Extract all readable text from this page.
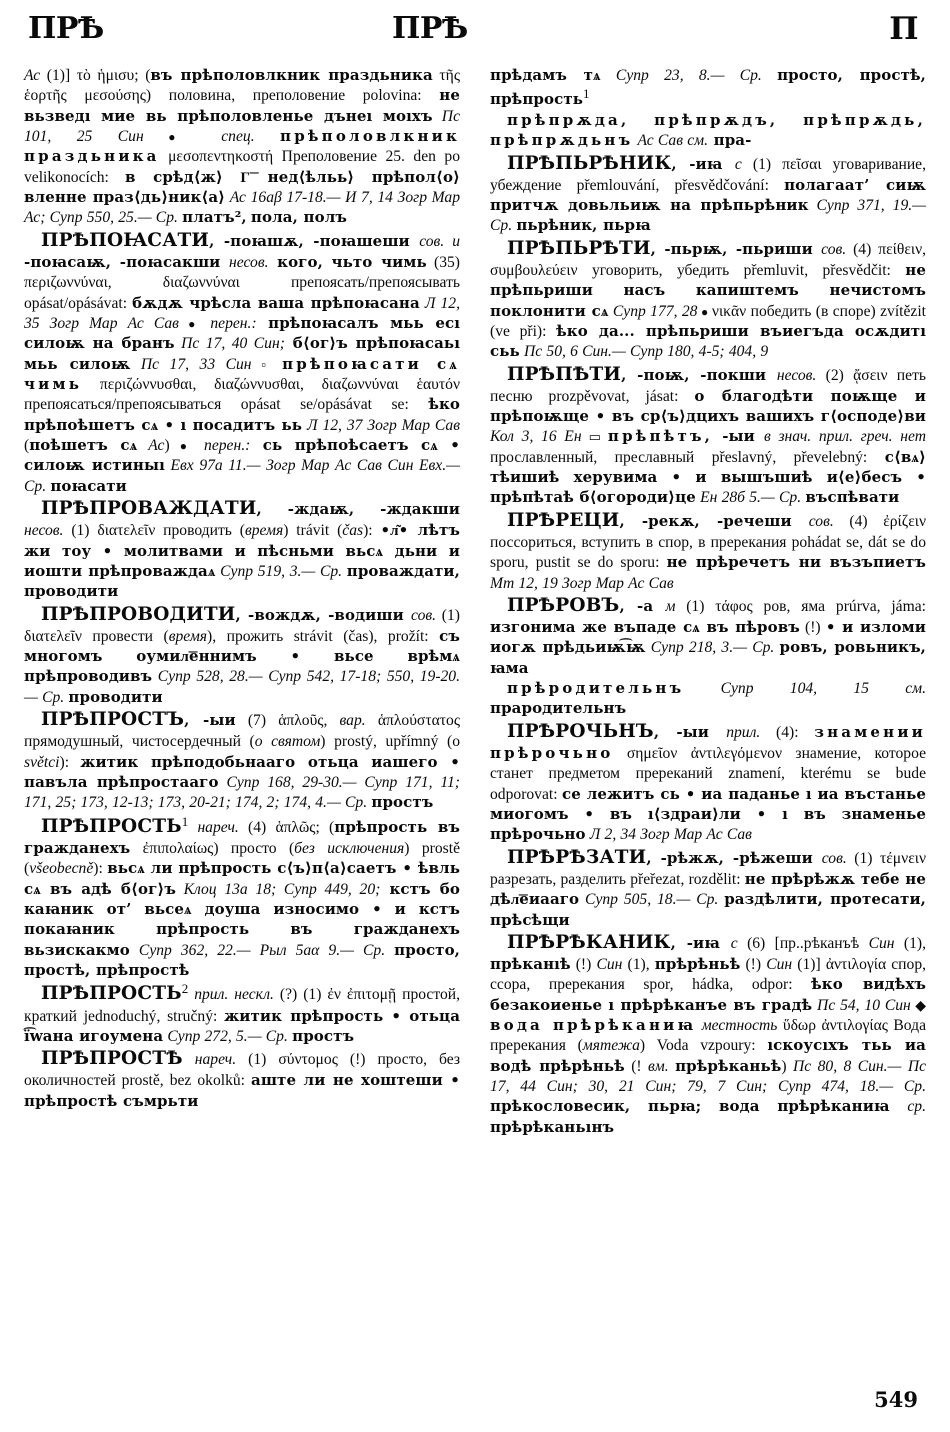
ПРѢ	ПРѢ	П

Ас (1)] τὸ ἡμισυ; (въ прѣполовлкник праздьника τῆς ἑορτῆς μεσούσης) половина, преполовение polovina: не вьзведı мие вь прѣполовленье дънеı моıхъ Пс 101, 25 Син ● спец. прѣполовлкник праздьника μεσοπεντηκοστή Преполовение 25. den po velikonocích: в срѣд⟨ж⟩ Г͞ нед⟨ѣльь⟩ прѣпол⟨о⟩вленне праз⟨дь⟩ник⟨а⟩ Ас 16аβ 17-18.— И 7, 14 Зогр Мар Ас; Супр 550, 25.— Ср. платъ², пола, полъ

ПРѢПОꙖСАТИ, -поꙗшѫ, -поꙗшеши сов. и -поꙗсаѭ, -поꙗсакши несов. кого, чьто чимь (35) περιζωννύναι, διαζωννύναι препоясать/препоясывать opásat/opásávat: бѫдѫ чрѣсла ваша прѣпоꙗсана Л 12, 35 Зогр Мар Ас Сав ● перен.: прѣпоꙗсалъ мьь есı силоѭ на бранъ Пс 17, 40 Син; б⟨ог⟩ъ прѣпоꙗсаьı мьь силоѭ Пс 17, 33 Син ▫ прѣпоꙗсати сѧ чимь περιζώννυσθαι, διαζώννυσθαι, διαζωννύναι ἑαυτόν препоясаться/препоясываться opásat se/opásávat se: ѣко прѣпоѣшетъ сѧ • ı посадитъ ьь Л 12, 37 Зогр Мар Сав (поѣшетъ сѧ Ас) ● перен.: сь прѣпоѣсаетъ сѧ • силоѭ истиныı Евх 97а 11.— Зогр Мар Ас Сав Син Евх.— Ср. поꙗсати

ПРѢПРОВАЖДАТИ, -ждаѭ, -ждакши несов. (1) διατελεῖν проводить (время) trávit (čas): •л͂• лѣтъ жи тоу • молитвами и пѣсньми вьсѧ дьни и иошти прѣпроваждаѧ Супр 519, 3.— Ср. проваждати, проводити

ПРѢПРОВОДИТИ, -вождѫ, -водиши сов. (1) διατελεῖν провести (время), прожить strávit (čas), prožít: съ многомъ оумил͞еннимъ • вьсе врѣмѧ прѣпроводивъ Супр 528, 28.— Супр 542, 17-18; 550, 19-20.— Ср. проводити

ПРѢПРОСТЪ, -ыи (7) ἁπλοῦς, вар. ἁπλούστατος прямодушный, чистосердечный (о святом) prostý, upřímný (o světci): житик прѣподобьнааго отьца иашего • павъла прѣпростааго Супр 168, 29-30.— Супр 171, 11; 171, 25; 173, 12-13; 173, 20-21; 174, 2; 174, 4.— Ср. простъ

ПРѢПРОСТЬ$^1$ нареч. (4) ἁπλῶς; (прѣпрость въ гражданехъ ἐπιπολαίως) просто (без исключения) prostě (všeobecně): вьсѧ ли прѣпрость с⟨ъ⟩п⟨а⟩саетъ • ѣвль сѧ въ адѣ б⟨ог⟩ъ Клоц 13а 18; Супр 449, 20; кстъ бо каꙗник от’ вьсеѧ доуша износимо • и кстъ покаꙗник прѣпрость въ гражданехъ вьзискакмо Супр 362, 22.— Рыл 5аα 9.— Ср. просто, простѣ, прѣпростѣ

ПРѢПРОСТЬ$^2$ прил. нескл. (?) (1) ἐν ἐπιτομῇ простой, краткий jednoduchý, stručný: житик прѣпрость • отьца ї͡wана игоумена Супр 272, 5.— Ср. простъ

ПРѢПРОСТѢ нареч. (1) σύντομος (!) просто, без околичностей prostě, bez okolků: аште ли не хоштеши • прѣпростѣ съмрьти

прѣдамъ тѧ Супр 23, 8.— Ср. просто, простѣ, прѣпрость$^1$

прѣпрѫда, прѣпрѫдъ, прѣпрѫдь, прѣпрѫдьнъ Ас Сав см. пра-

ПРѢПЬРѢНИК, -иꙗ с (1) πεῖσαι уговаривание, убеждение přemlouvání, přesvědčování: полагаат’ сиѭ притчѫ довьльиѭ на прѣпьрѣник Супр 371, 19.— Ср. пьрѣник, пьрꙗ

ПРѢПЬРѢТИ, -пьрѭ, -пьриши сов. (4) πείθειν, συμβουλεύειν уговорить, убедить přemluvit, přesvědčit: не прѣпьриши насъ капиштемъ нечистомъ поклонити сѧ Супр 177, 28 ● νικᾶν победить (в споре) zvítězit (ve při): ѣко да... прѣпьриши въиегъда осѫдитı сьь Пс 50, 6 Син.— Супр 180, 4-5; 404, 9

ПРѢПѢТИ, -поѭ, -покши несов. (2) ᾄσειν петь песню prozpěvovat, jásat: о благодѣти поѭще и прѣпоѭще • въ ср⟨ъ⟩дцихъ вашихъ г⟨осподе⟩ви Кол 3, 16 Ен ▭ прѣпѣтъ, -ыи в знач. прил. греч. нет прославленный, преславный přeslavný, převelebný: с⟨вѧ⟩тѣишиѣ херувима • и вышъшиѣ и⟨е⟩бесъ • прѣпѣтаѣ б⟨огороди⟩це Ен 28б 5.— Ср. въспѣвати

ПРѢРЕЦИ, -рекѫ, -речеши сов. (4) ἐρίζειν поссориться, вступить в спор, в пререкания pohádat se, dát se do sporu, pustit se do sporu: не прѣречетъ ни възъпиетъ Мт 12, 19 Зогр Мар Ас Сав

ПРѢРОВЪ, -а м (1) τάφος ров, яма prúrva, jáma: изгонима же въпаде сѧ въ пѣровъ (!) • и изломи иогѫ прѣдьиѭ͡ѭ Супр 218, 3.— Ср. ровъ, ровьникъ, ꙗма

прѣродительнъ Супр 104, 15 см. прародительнъ

ПРѢРОЧЬНЪ, -ыи прил. (4): знамении прѣрочьно σημεῖον ἀντιλεγόμενον знамение, которое станет предметом пререканий znamení, kterému se bude odporovat: се лежитъ сь • иа паданье ı иа въстанье миогомъ • въ ı⟨здраи⟩ли • ı въ знаменье прѣрочьно Л 2, 34 Зогр Мар Ас Сав

ПРѢРѢЗАТИ, -рѣжѫ, -рѣжеши сов. (1) τέμνειν разрезать, разделить přeřezat, rozdělit: не прѣрѣжѫ тебе не дѣл͞еиааго Супр 505, 18.— Ср. раздѣлити, протесати, прѣсѣщи

ПРѢРѢКАНИК, -иꙗ с (6) [пр..рѣканъѣ Син (1), прѣканıѣ (!) Син (1), прѣрѣньѣ (!) Син (1)] ἀντιλογία спор, ссора, пререкания spor, hádka, odpor: ѣко видѣхъ безакоиенье ı прѣрѣканъе въ градѣ Пс 54, 10 Син ◆ вода прѣрѣканиꙗ местность ὕδωρ ἀντιλογίας Вода пререкания (мятежа) Voda vzpoury: ıскоусıхъ тьь иа водѣ прѣрѣньѣ (! вм. прѣрѣканьѣ) Пс 80, 8 Син.— Пс 17, 44 Син; 30, 21 Син; 79, 7 Син; Супр 474, 18.— Ср. прѣкословесик, пьрꙗ; вода прѣрѣканиꙗ ср. прѣрѣканьıнъ

549
